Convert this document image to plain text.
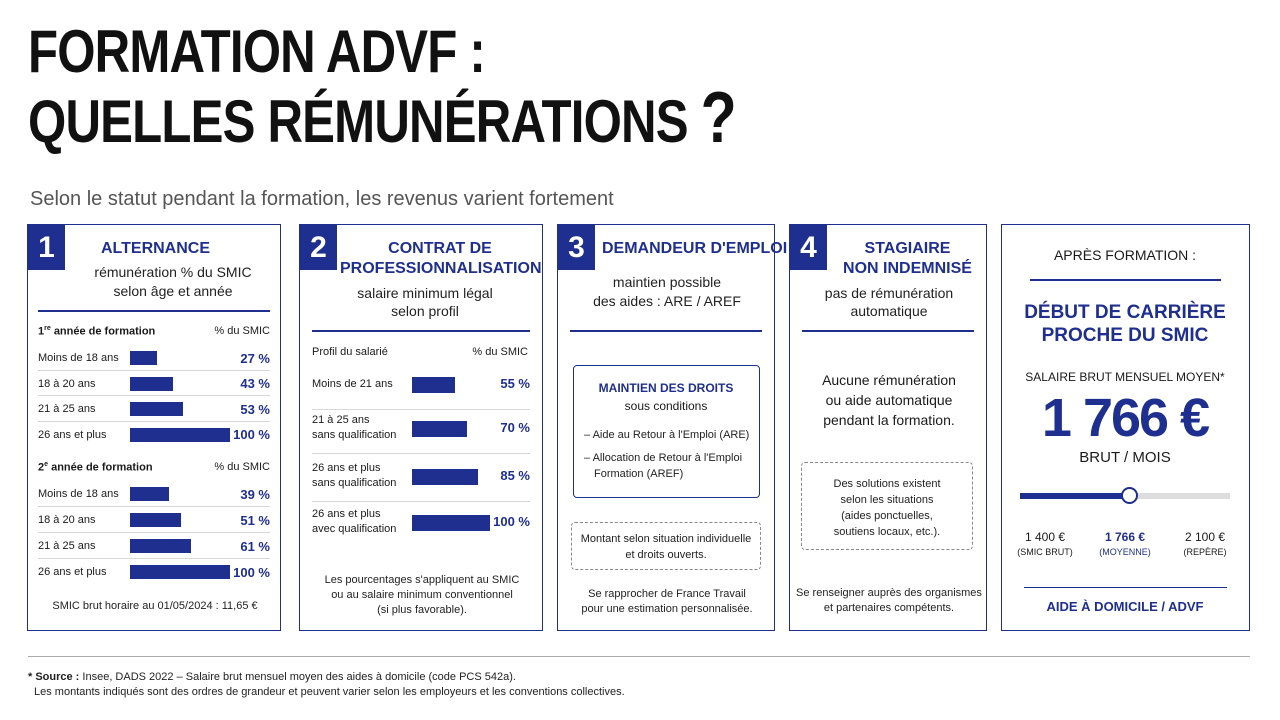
FORMATION ADVF :
QUELLES RÉMUNÉRATIONS ?
Selon le statut pendant la formation, les revenus varient fortement
1	ALTERNANCE
rémunération % du SMIC
selon âge et année
1re année de formation	% du SMIC
Moins de 18 ans	27 %
18 à 20 ans	43 %
21 à 25 ans	53 %
26 ans et plus	100 %
2e année de formation	% du SMIC
Moins de 18 ans	39 %
18 à 20 ans	51 %
21 à 25 ans	61 %
26 ans et plus	100 %
SMIC brut horaire au 01/05/2024 : 11,65 €
2	CONTRAT DE
PROFESSIONNALISATION
salaire minimum légal
selon profil
Profil du salarié	% du SMIC
Moins de 21 ans	55 %
21 à 25 ans
sans qualification	70 %
26 ans et plus
sans qualification	85 %
26 ans et plus
avec qualification	100 %
Les pourcentages s'appliquent au SMIC
ou au salaire minimum conventionnel
(si plus favorable).
3	DEMANDEUR D'EMPLOI
maintien possible
des aides : ARE / AREF
MAINTIEN DES DROITS
sous conditions
– Aide au Retour à l'Emploi (ARE)
– Allocation de Retour à l'Emploi
Formation (AREF)
Montant selon situation individuelle
et droits ouverts.
Se rapprocher de France Travail
pour une estimation personnalisée.
4	STAGIAIRE
NON INDEMNISÉ
pas de rémunération
automatique
Aucune rémunération
ou aide automatique
pendant la formation.
Des solutions existent
selon les situations
(aides ponctuelles,
soutiens locaux, etc.).
Se renseigner auprès des organismes
et partenaires compétents.
APRÈS FORMATION :
DÉBUT DE CARRIÈRE
PROCHE DU SMIC
SALAIRE BRUT MENSUEL MOYEN*
1 766 €
BRUT / MOIS
1 400 €
(SMIC BRUT)
1 766 €
(MOYENNE)
2 100 €
(REPÈRE)
AIDE À DOMICILE / ADVF
* Source : Insee, DADS 2022 – Salaire brut mensuel moyen des aides à domicile (code PCS 542a).
Les montants indiqués sont des ordres de grandeur et peuvent varier selon les employeurs et les conventions collectives.
